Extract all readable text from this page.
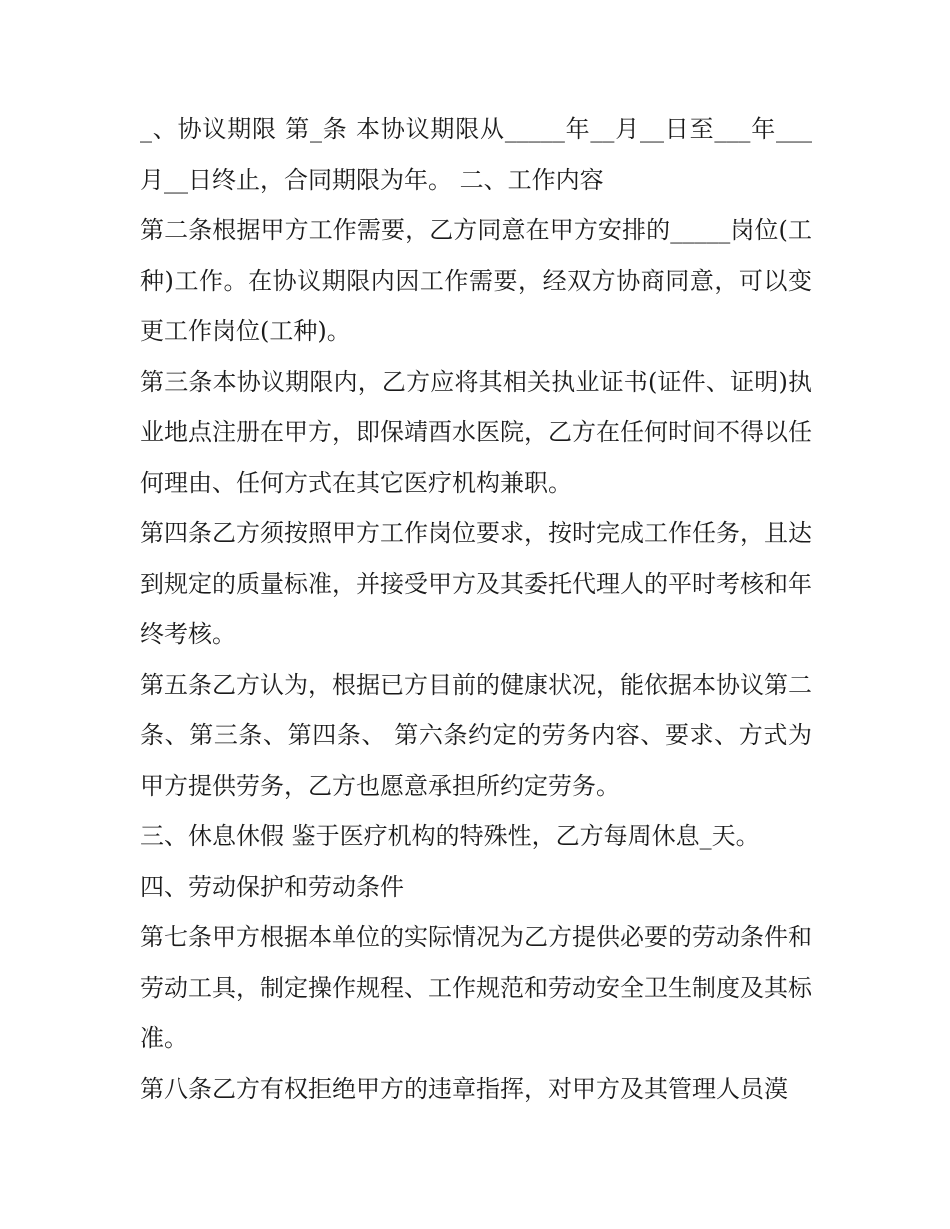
_、协议期限 第_条 本协议期限从_____年__月__日至___年___月__日终止，合同期限为年。 二、工作内容

第二条根据甲方工作需要，乙方同意在甲方安排的_____岗位(工种)工作。在协议期限内因工作需要，经双方协商同意，可以变更工作岗位(工种)。

第三条本协议期限内，乙方应将其相关执业证书(证件、证明)执业地点注册在甲方，即保靖酉水医院，乙方在任何时间不得以任何理由、任何方式在其它医疗机构兼职。

第四条乙方须按照甲方工作岗位要求，按时完成工作任务，且达到规定的质量标准，并接受甲方及其委托代理人的平时考核和年终考核。

第五条乙方认为，根据已方目前的健康状况，能依据本协议第二条、第三条、第四条、 第六条约定的劳务内容、要求、方式为甲方提供劳务，乙方也愿意承担所约定劳务。

三、休息休假 鉴于医疗机构的特殊性，乙方每周休息_天。

四、劳动保护和劳动条件

第七条甲方根据本单位的实际情况为乙方提供必要的劳动条件和劳动工具，制定操作规程、工作规范和劳动安全卫生制度及其标准。

第八条乙方有权拒绝甲方的违章指挥，对甲方及其管理人员漠
